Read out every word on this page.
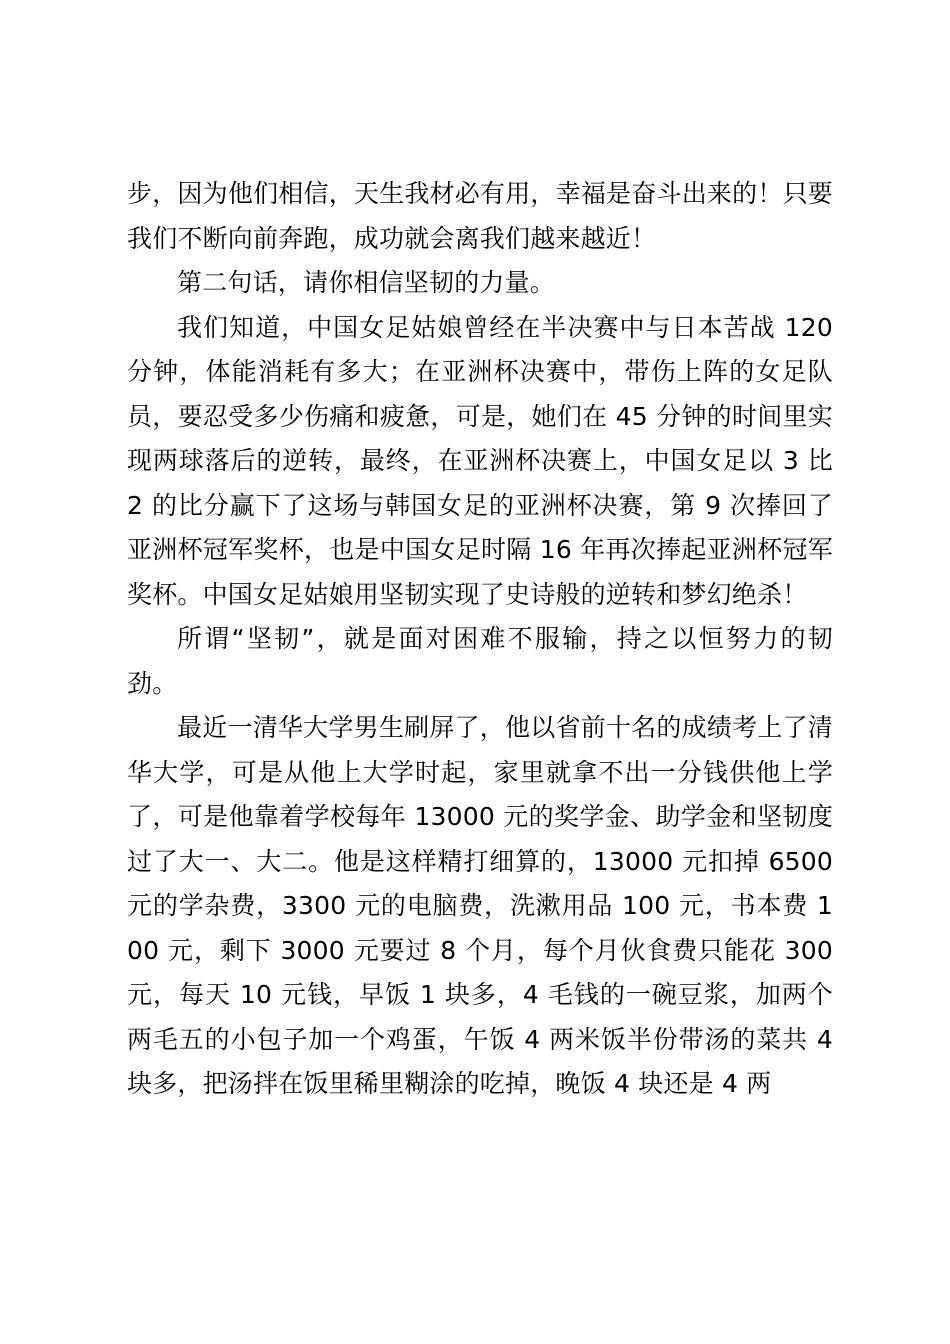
步，因为他们相信，天生我材必有用，幸福是奋斗出来的！只要我们不断向前奔跑，成功就会离我们越来越近！

第二句话，请你相信坚韧的力量。

我们知道，中国女足姑娘曾经在半决赛中与日本苦战 120 分钟，体能消耗有多大；在亚洲杯决赛中，带伤上阵的女足队员，要忍受多少伤痛和疲惫，可是，她们在 45 分钟的时间里实现两球落后的逆转，最终，在亚洲杯决赛上，中国女足以 3 比 2 的比分赢下了这场与韩国女足的亚洲杯决赛，第 9 次捧回了亚洲杯冠军奖杯，也是中国女足时隔 16 年再次捧起亚洲杯冠军奖杯。中国女足姑娘用坚韧实现了史诗般的逆转和梦幻绝杀！

所谓“坚韧”，就是面对困难不服输，持之以恒努力的韧劲。

最近一清华大学男生刷屏了，他以省前十名的成绩考上了清华大学，可是从他上大学时起，家里就拿不出一分钱供他上学了，可是他靠着学校每年 13000 元的奖学金、助学金和坚韧度过了大一、大二。他是这样精打细算的，13000 元扣掉 6500 元的学杂费，3300 元的电脑费，洗漱用品 100 元，书本费 100 元，剩下 3000 元要过 8 个月，每个月伙食费只能花 300 元，每天 10 元钱，早饭 1 块多，4 毛钱的一碗豆浆，加两个两毛五的小包子加一个鸡蛋，午饭 4 两米饭半份带汤的菜共 4 块多，把汤拌在饭里稀里糊涂的吃掉，晚饭 4 块还是 4 两
